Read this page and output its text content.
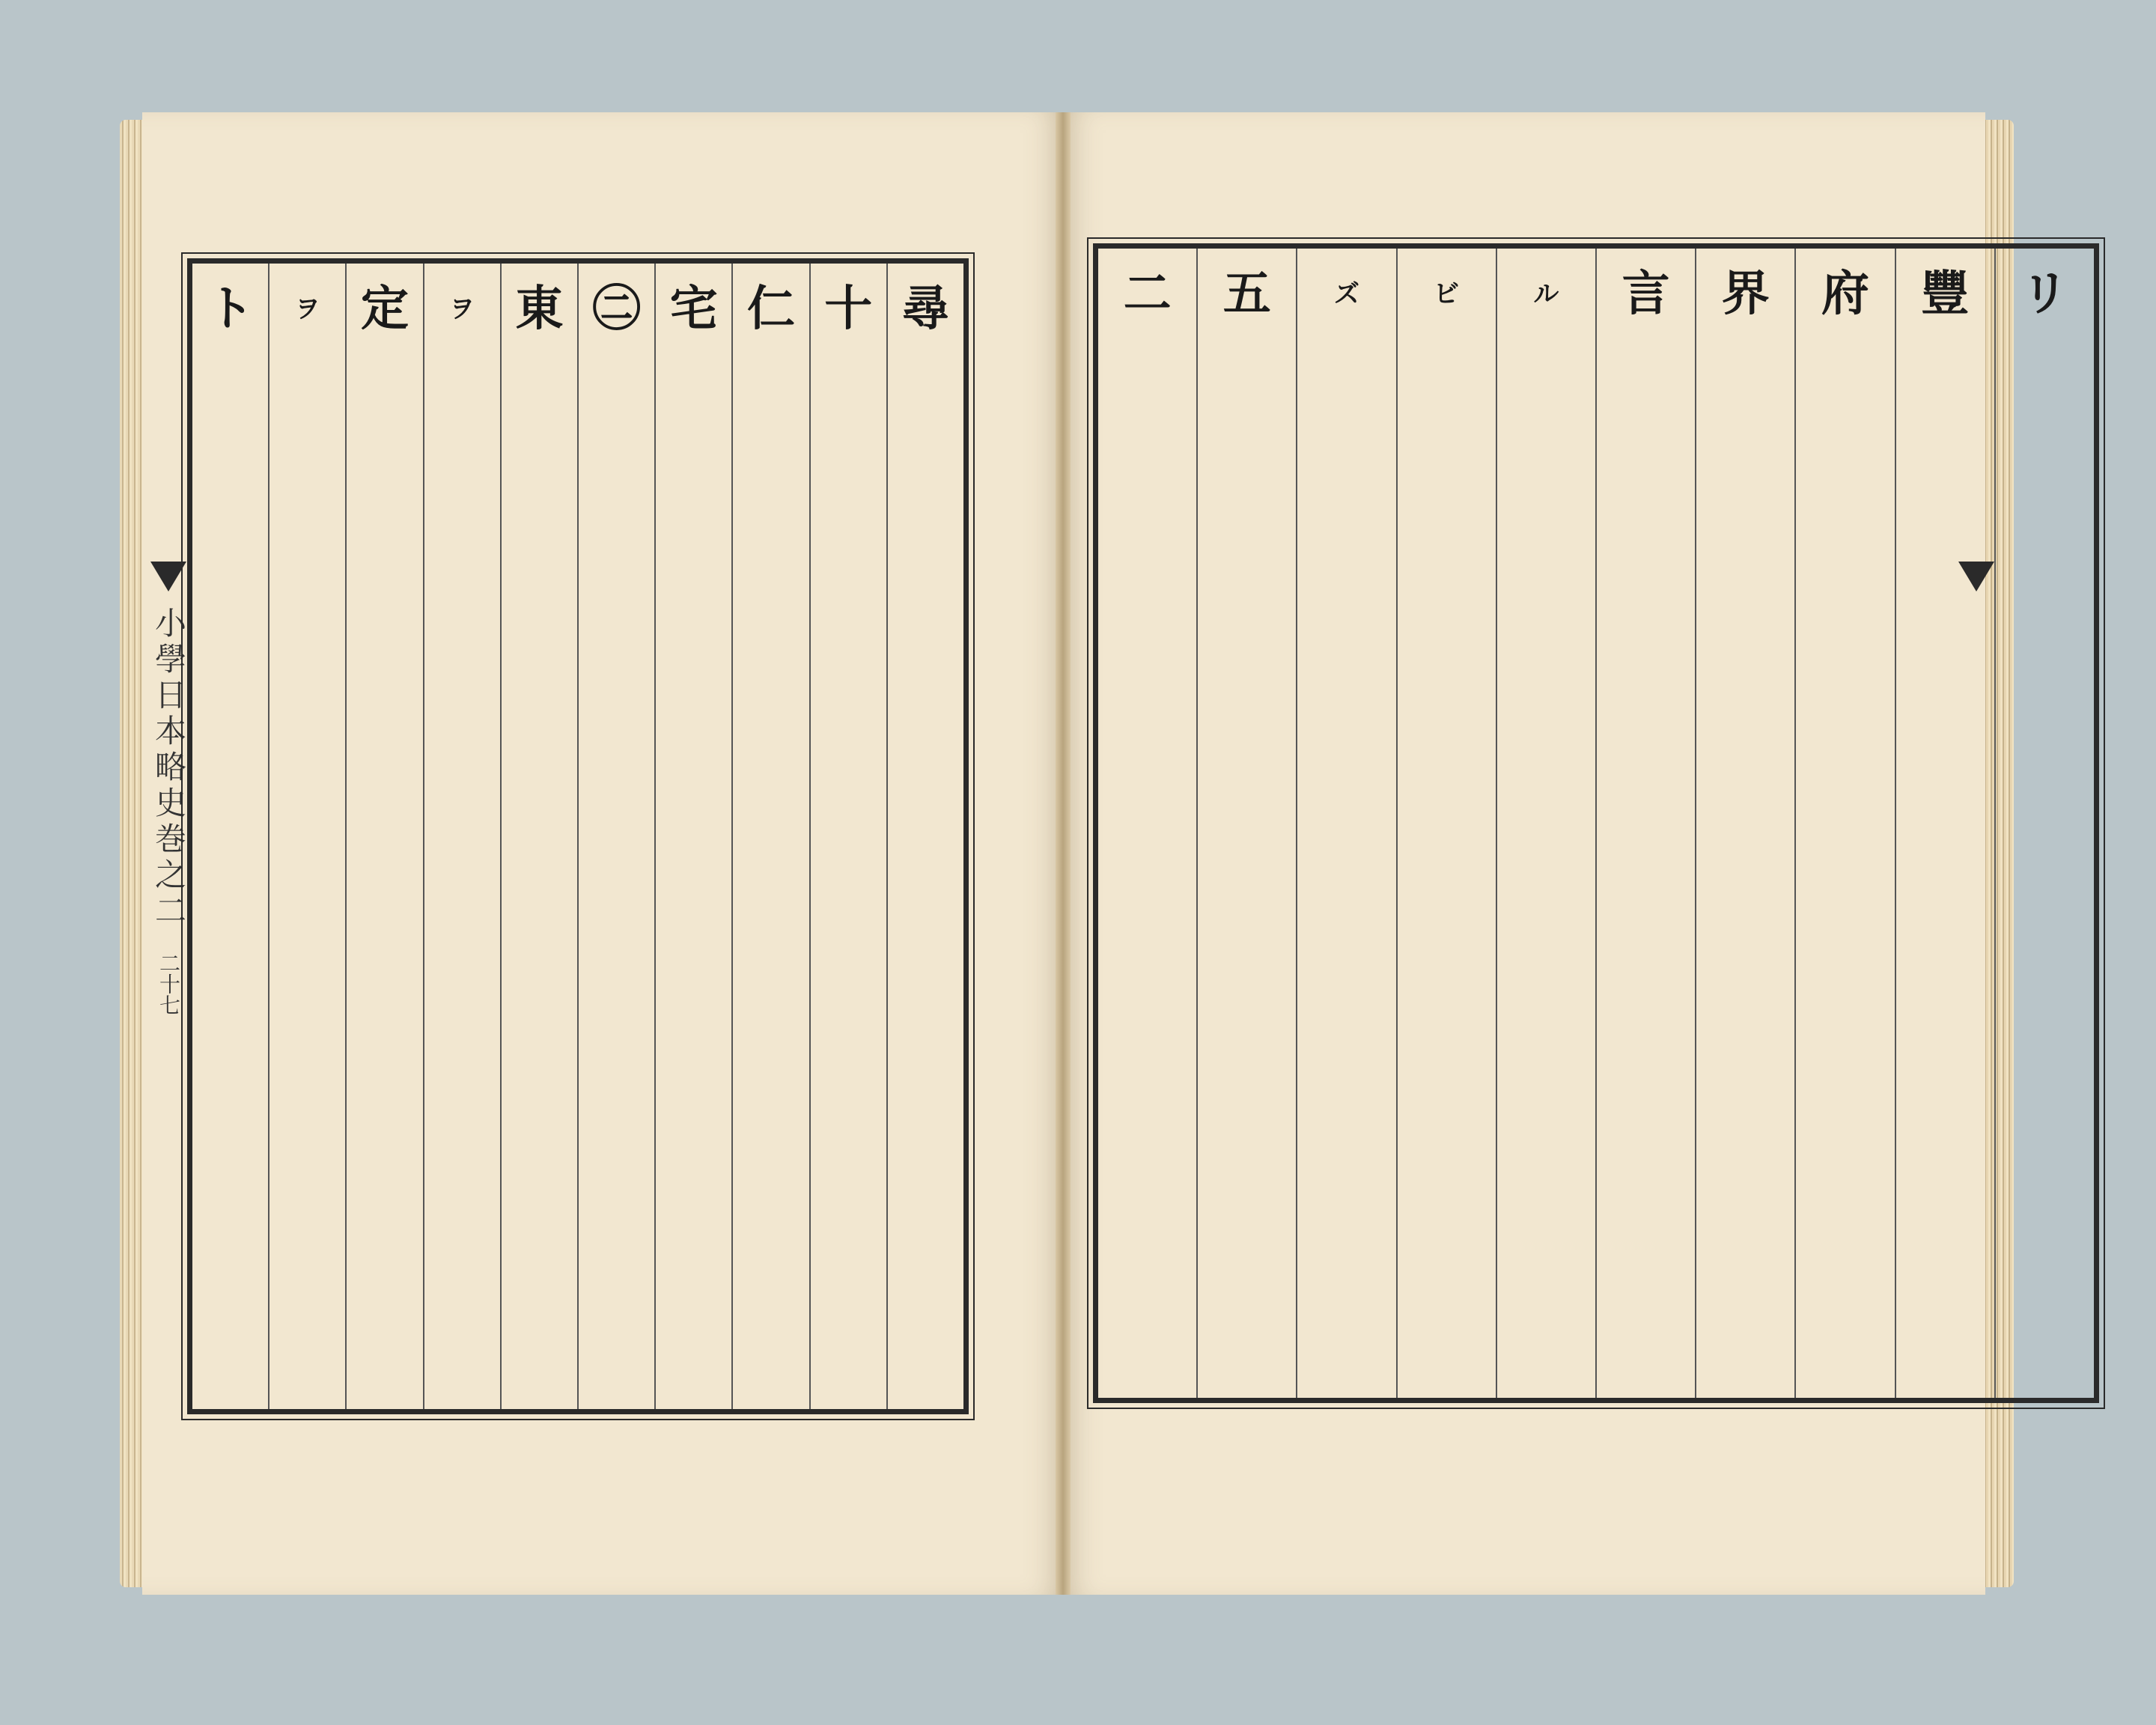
小學日本略史巻之二
二十七
尋
十
仁
宅
㊁
東
ヲ
定
ヲ
ト	リ
豐
府
界
言
ル
ビ
ズ
五
二
